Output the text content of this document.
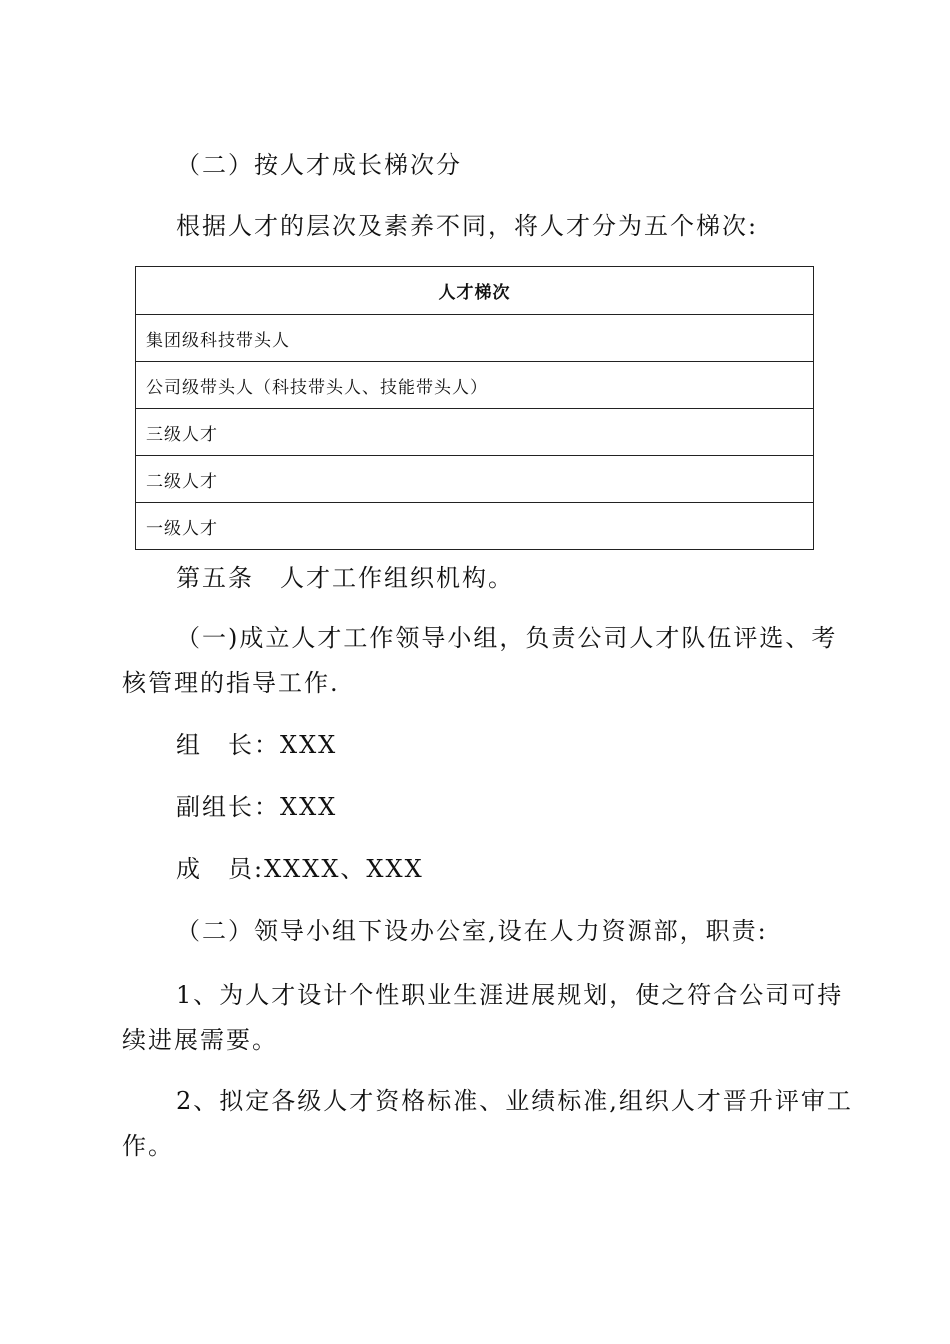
（二）按人才成长梯次分
根据人才的层次及素养不同，将人才分为五个梯次:
人才梯次
集团级科技带头人
公司级带头人（科技带头人、技能带头人）
三级人才
二级人才
一级人才
第五条　人才工作组织机构。
（一)成立人才工作领导小组，负责公司人才队伍评选、考
核管理的指导工作.
组　长：XXX
副组长：XXX
成　员:XXXX、XXX
（二）领导小组下设办公室,设在人力资源部，职责:
1、为人才设计个性职业生涯进展规划，使之符合公司可持
续进展需要。
2、拟定各级人才资格标准、业绩标准,组织人才晋升评审工
作。
